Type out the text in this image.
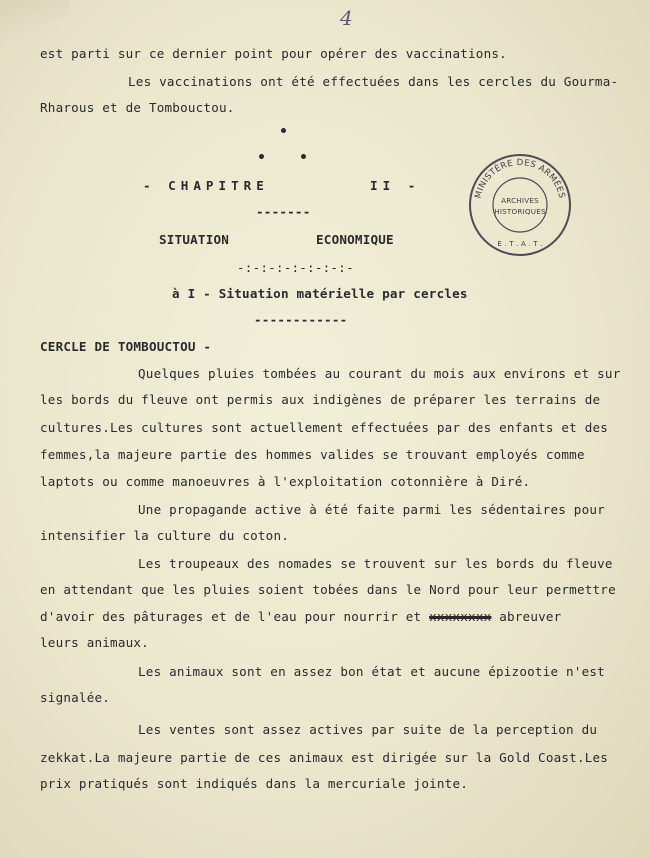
4
est parti sur ce dernier point pour opérer des vaccinations.
Les vaccinations ont été effectuées dans les cercles du Gourma-
Rharous et de Tombouctou.
- CHAPITRE	II -
-------
SITUATION	ECONOMIQUE
-:-:-:-:-:-:-:-
à I - Situation matérielle par cercles
------------
MINISTÈRE DES ARMÉES
ARCHIVES
HISTORIQUES
E . T . A . T .
CERCLE DE TOMBOUCTOU -
Quelques pluies tombées au courant du mois aux environs et sur
les bords du fleuve ont permis aux indigènes de préparer les terrains de
cultures.Les cultures sont actuellement effectuées par des enfants et des
femmes,la majeure partie des hommes valides se trouvant employés comme
laptots ou comme manoeuvres à l'exploitation cotonnière à Diré.
Une propagande active à été faite parmi les sédentaires pour
intensifier la culture du coton.
Les troupeaux des nomades se trouvent sur les bords du fleuve
en attendant que les pluies soient tobées dans le Nord pour leur permettre
d'avoir des pâturages et de l'eau pour nourrir et xxxxxxxx abreuver
leurs animaux.
Les animaux sont en assez bon état et aucune épizootie n'est
signalée.
Les ventes sont assez actives par suite de la perception du
zekkat.La majeure partie de ces animaux est dirigée sur la Gold Coast.Les
prix pratiqués sont indiqués dans la mercuriale jointe.
